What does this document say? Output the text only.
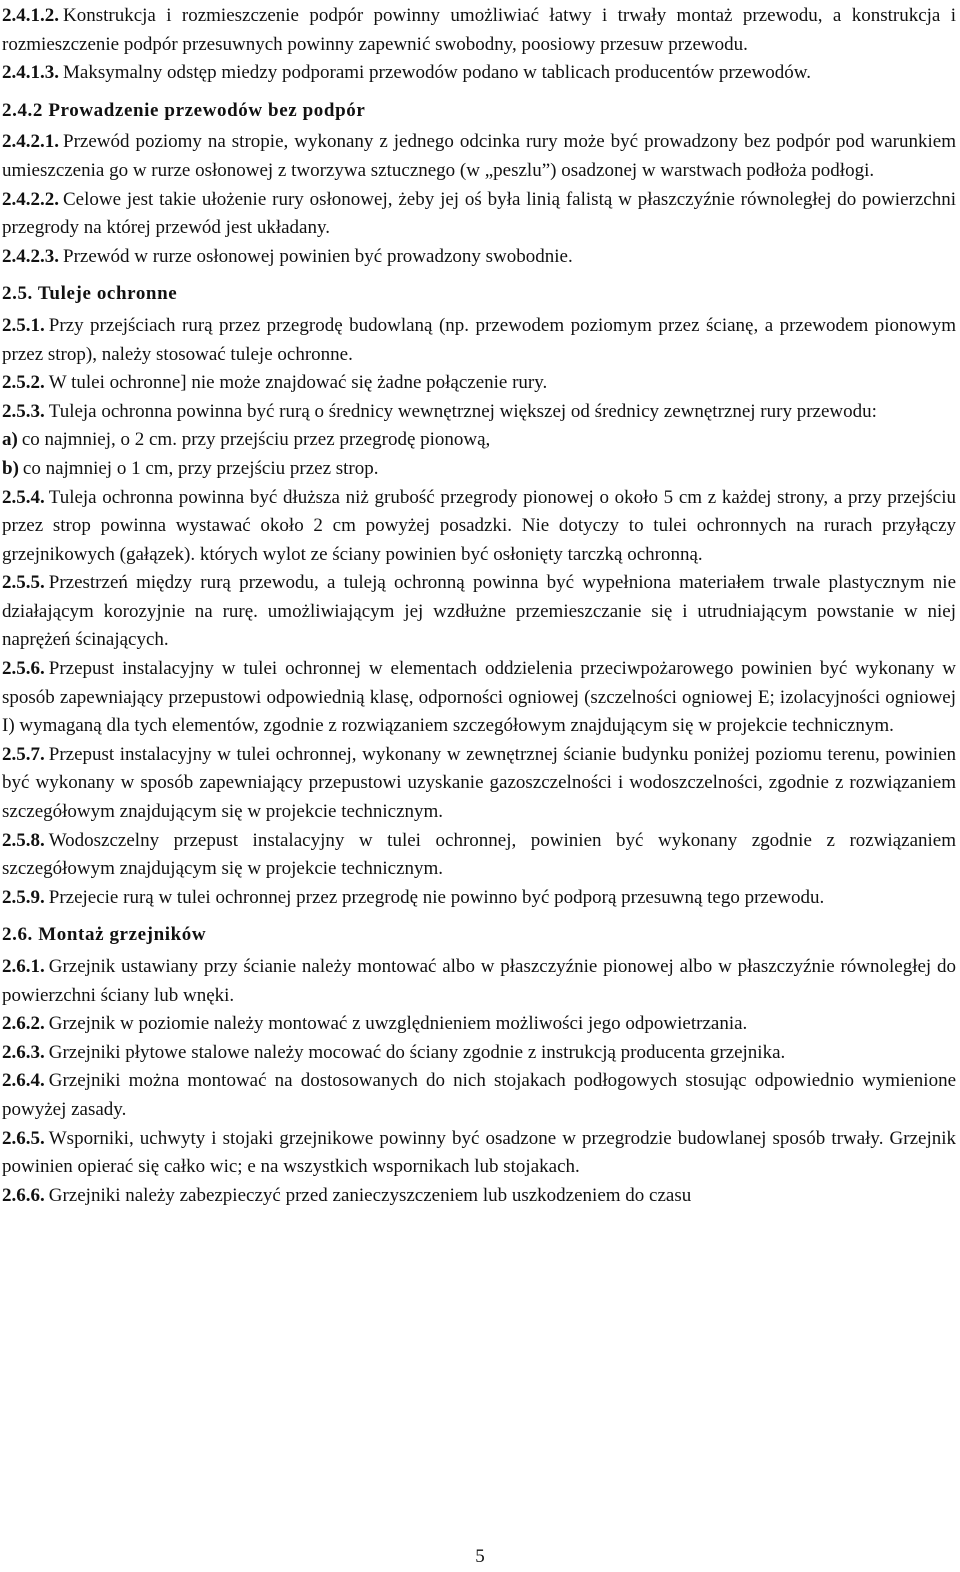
2.4.1.2. Konstrukcja i rozmieszczenie podpór powinny umożliwiać łatwy i trwały montaż przewodu, a konstrukcja i rozmieszczenie podpór przesuwnych powinny zapewnić swobodny, poosiowy przesuw przewodu.
2.4.1.3. Maksymalny odstęp miedzy podporami przewodów podano w tablicach producentów przewodów.
2.4.2 Prowadzenie przewodów bez podpór
2.4.2.1. Przewód poziomy na stropie, wykonany z jednego odcinka rury może być prowadzony bez podpór pod warunkiem umieszczenia go w rurze osłonowej z tworzywa sztucznego (w „peszlu”) osadzonej w warstwach podłoża podłogi.
2.4.2.2. Celowe jest takie ułożenie rury osłonowej, żeby jej oś była linią falistą w płaszczyźnie równoległej do powierzchni przegrody na której przewód jest układany.
2.4.2.3. Przewód w rurze osłonowej powinien być prowadzony swobodnie.
2.5. Tuleje ochronne
2.5.1. Przy przejściach rurą przez przegrodę budowlaną (np. przewodem poziomym przez ścianę, a przewodem pionowym przez strop), należy stosować tuleje ochronne.
2.5.2. W tulei ochronne] nie może znajdować się żadne połączenie rury.
2.5.3. Tuleja ochronna powinna być rurą o średnicy wewnętrznej większej od średnicy zewnętrznej rury przewodu:
a) co najmniej, o 2 cm. przy przejściu przez przegrodę pionową,
b) co najmniej o 1 cm, przy przejściu przez strop.
2.5.4. Tuleja ochronna powinna być dłuższa niż grubość przegrody pionowej o około 5 cm z każdej strony, a przy przejściu przez strop powinna wystawać około 2 cm powyżej posadzki. Nie dotyczy to tulei ochronnych na rurach przyłączy grzejnikowych (gałązek). których wylot ze ściany powinien być osłonięty tarczką ochronną.
2.5.5. Przestrzeń między rurą przewodu, a tuleją ochronną powinna być wypełniona materiałem trwale plastycznym nie działającym korozyjnie na rurę. umożliwiającym jej wzdłużne przemieszczanie się i utrudniającym powstanie w niej naprężeń ścinających.
2.5.6. Przepust instalacyjny w tulei ochronnej w elementach oddzielenia przeciwpożarowego powinien być wykonany w sposób zapewniający przepustowi odpowiednią klasę, odporności ogniowej (szczelności ogniowej E; izolacyjności ogniowej I) wymaganą dla tych elementów, zgodnie z rozwiązaniem szczegółowym znajdującym się w projekcie technicznym.
2.5.7. Przepust instalacyjny w tulei ochronnej, wykonany w zewnętrznej ścianie budynku poniżej poziomu terenu, powinien być wykonany w sposób zapewniający przepustowi uzyskanie gazoszczelności i wodoszczelności, zgodnie z rozwiązaniem szczegółowym znajdującym się w projekcie technicznym.
2.5.8. Wodoszczelny przepust instalacyjny w tulei ochronnej, powinien być wykonany zgodnie z rozwiązaniem szczegółowym znajdującym się w projekcie technicznym.
2.5.9. Przejecie rurą w tulei ochronnej przez przegrodę nie powinno być podporą przesuwną tego przewodu.
2.6. Montaż grzejników
2.6.1. Grzejnik ustawiany przy ścianie należy montować albo w płaszczyźnie pionowej albo w płaszczyźnie równoległej do powierzchni ściany lub wnęki.
2.6.2. Grzejnik w poziomie należy montować z uwzględnieniem możliwości jego odpowietrzania.
2.6.3. Grzejniki płytowe stalowe należy mocować do ściany zgodnie z instrukcją producenta grzejnika.
2.6.4. Grzejniki można montować na dostosowanych do nich stojakach podłogowych stosując odpowiednio wymienione powyżej zasady.
2.6.5. Wsporniki, uchwyty i stojaki grzejnikowe powinny być osadzone w przegrodzie budowlanej sposób trwały. Grzejnik powinien opierać się całko wic; e na wszystkich wspornikach lub stojakach.
2.6.6. Grzejniki należy zabezpieczyć przed zanieczyszczeniem lub uszkodzeniem do czasu
5
